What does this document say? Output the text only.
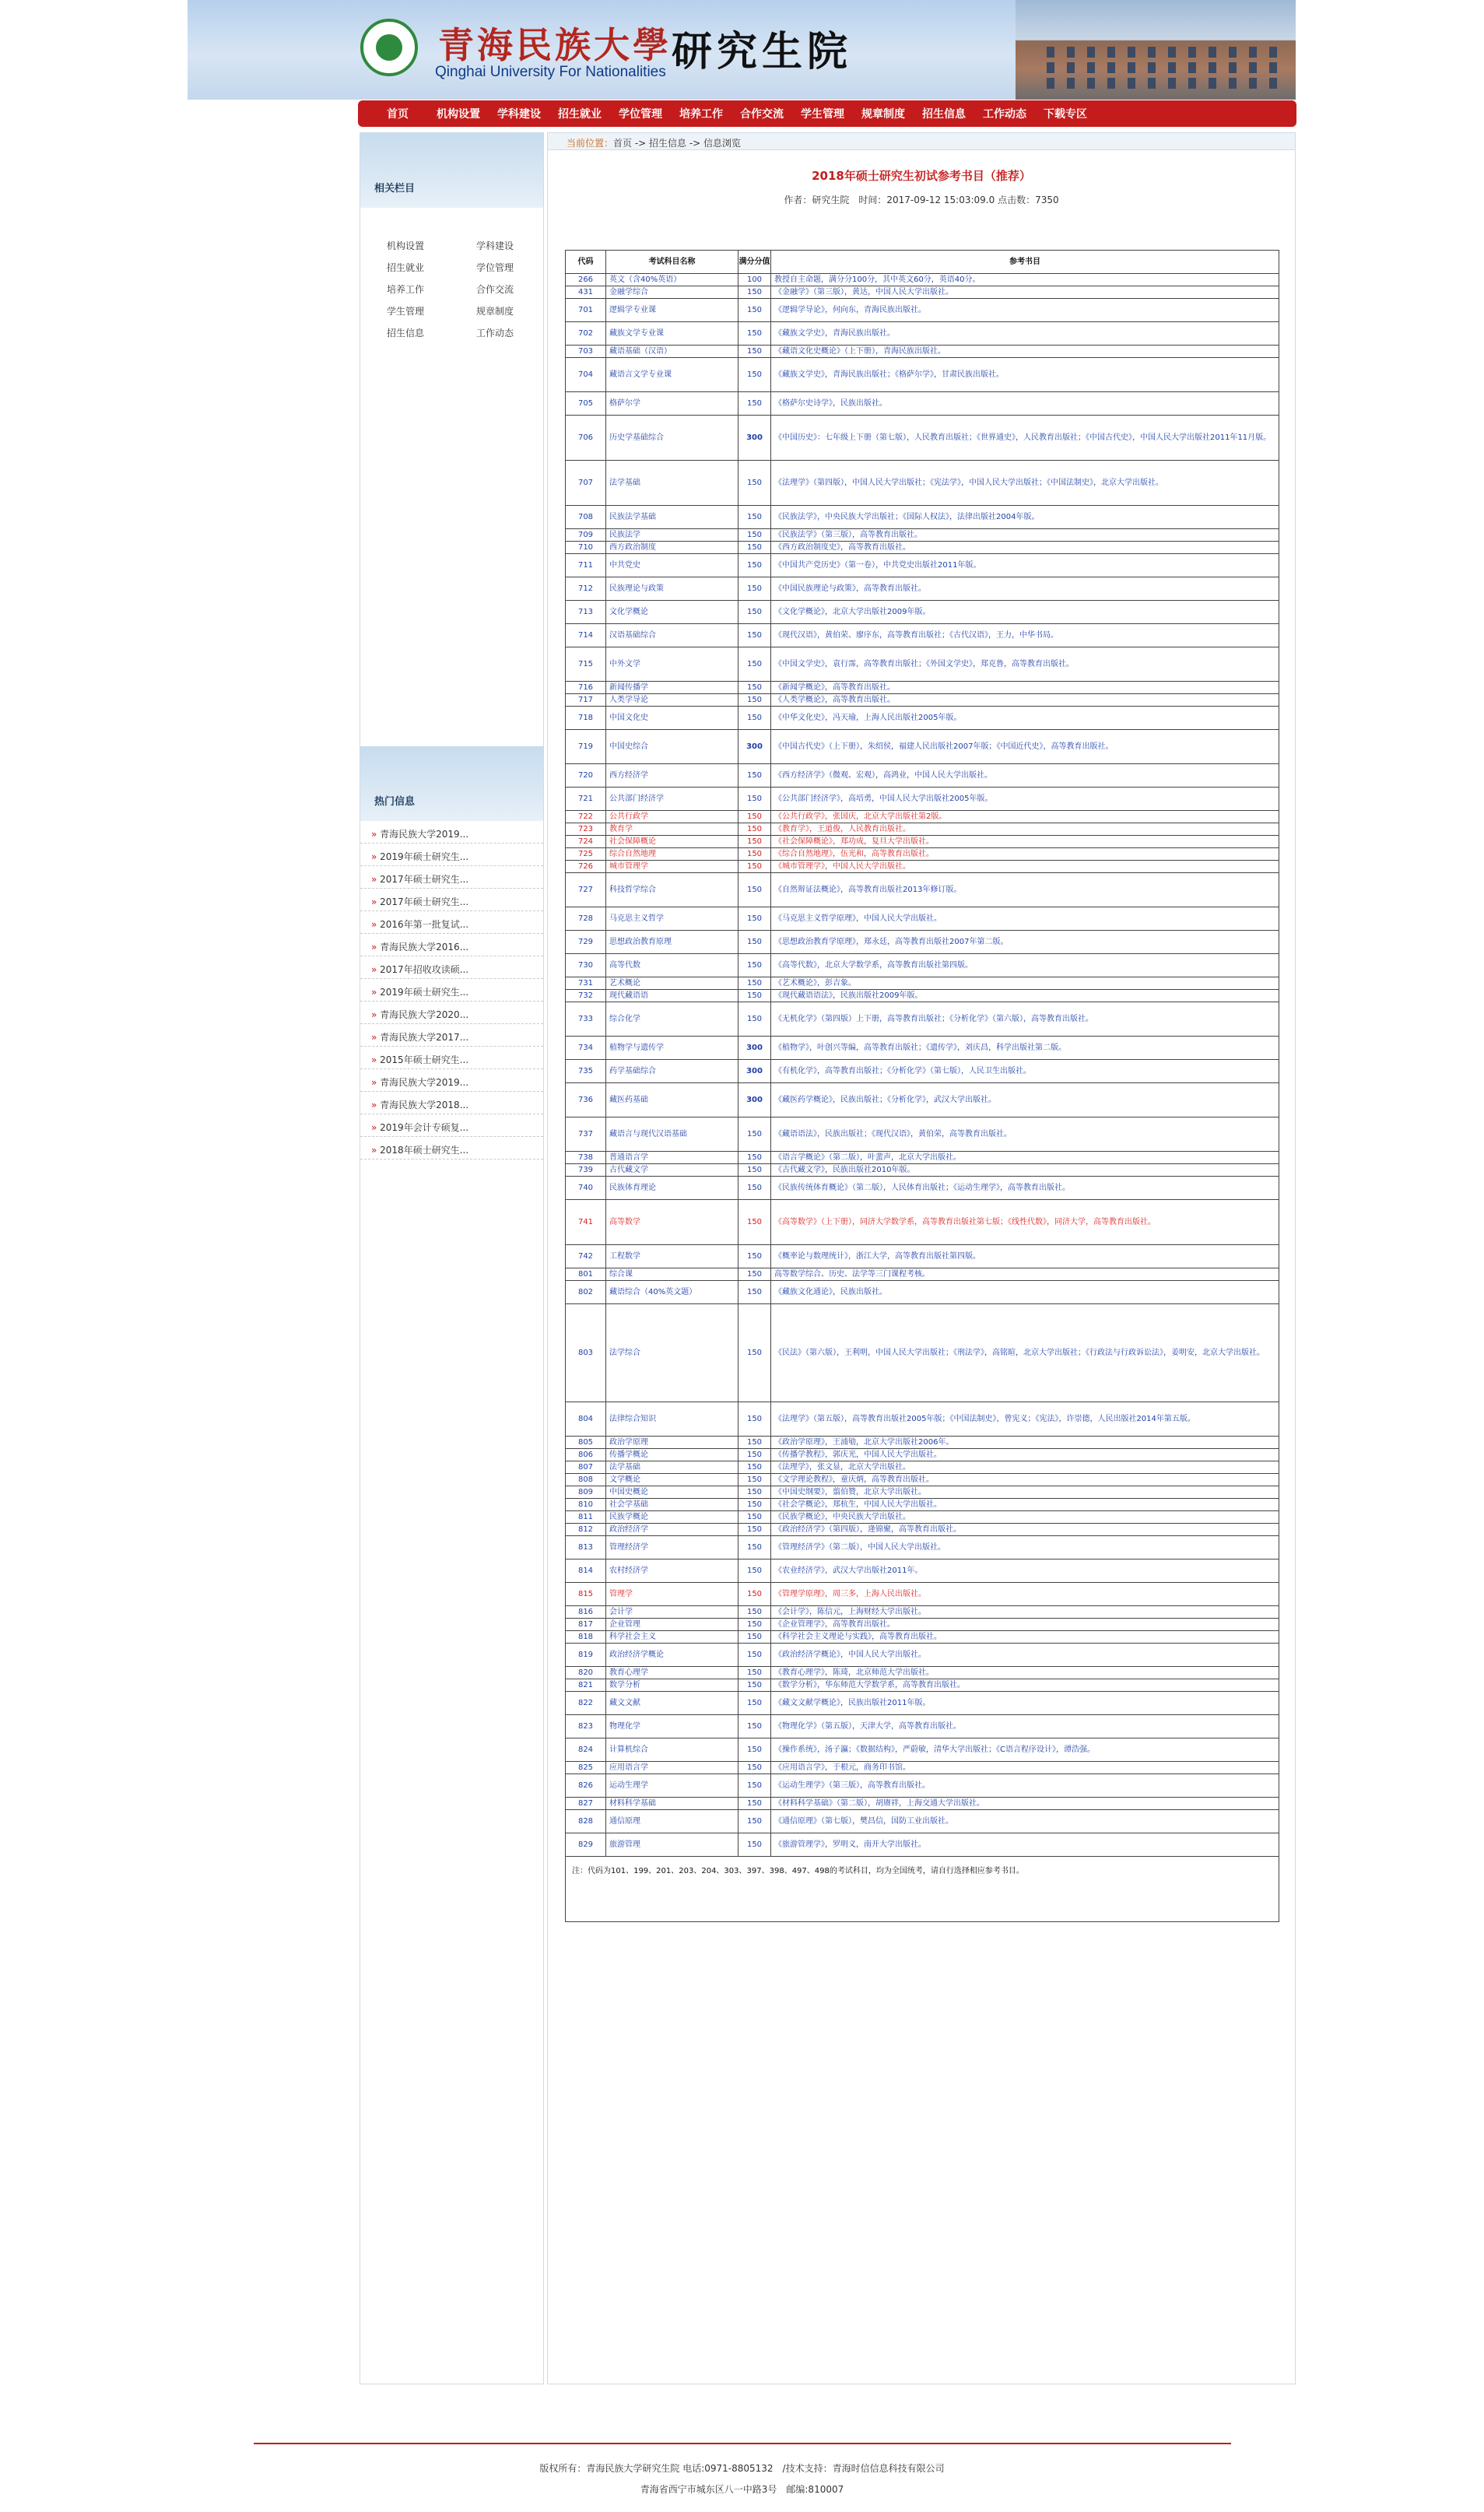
青海民族大學
Qinghai University For Nationalities 研究生院
首页	机构设置	学科建设	招生就业	学位管理	培养工作	合作交流	学生管理	规章制度	招生信息	工作动态	下载专区
相关栏目
机构设置	学科建设
招生就业	学位管理
培养工作	合作交流
学生管理	规章制度
招生信息	工作动态
热门信息
» 青海民族大学2019...
» 2019年硕士研究生...
» 2017年硕士研究生...
» 2017年硕士研究生...
» 2016年第一批复试...
» 青海民族大学2016...
» 2017年招收攻读硕...
» 2019年硕士研究生...
» 青海民族大学2020...
» 青海民族大学2017...
» 2015年硕士研究生...
» 青海民族大学2019...
» 青海民族大学2018...
» 2019年会计专硕复...
» 2018年硕士研究生...
当前位置：首页 -> 招生信息 -> 信息浏览
2018年硕士研究生初试参考书目（推荐）
作者：研究生院　时间：2017-09-12 15:03:09.0 点击数：7350
代码	考试科目名称	满分分值	参考书目
266	英文（含40%英语）	100	教授自主命题，满分分100分，其中英文60分，英语40分。
431	金融学综合	150	《金融学》（第三版），黄达，中国人民大学出版社。
701	逻辑学专业课	150	《逻辑学导论》，何向东，青海民族出版社。
702	藏族文学专业课	150	《藏族文学史》，青海民族出版社。
703	藏语基础（汉语）	150	《藏语文化史概论》（上下册），青海民族出版社。
704	藏语言文学专业课	150	《藏族文学史》，青海民族出版社；《格萨尔学》，甘肃民族出版社。
705	格萨尔学	150	《格萨尔史诗学》，民族出版社。
706	历史学基础综合	300	《中国历史》：七年级上下册（第七版），人民教育出版社；《世界通史》，人民教育出版社；《中国古代史》，中国人民大学出版社2011年11月版。
707	法学基础	150	《法理学》（第四版），中国人民大学出版社；《宪法学》，中国人民大学出版社；《中国法制史》，北京大学出版社。
708	民族法学基础	150	《民族法学》，中央民族大学出版社；《国际人权法》，法律出版社2004年版。
709	民族法学	150	《民族法学》（第三版），高等教育出版社。
710	西方政治制度	150	《西方政治制度史》，高等教育出版社。
711	中共党史	150	《中国共产党历史》（第一卷），中共党史出版社2011年版。
712	民族理论与政策	150	《中国民族理论与政策》，高等教育出版社。
713	文化学概论	150	《文化学概论》，北京大学出版社2009年版。
714	汉语基础综合	150	《现代汉语》，黄伯荣、廖序东，高等教育出版社；《古代汉语》，王力，中华书局。
715	中外文学	150	《中国文学史》，袁行霈，高等教育出版社；《外国文学史》，郑克鲁，高等教育出版社。
716	新闻传播学	150	《新闻学概论》，高等教育出版社。
717	人类学导论	150	《人类学概论》，高等教育出版社。
718	中国文化史	150	《中华文化史》，冯天瑜，上海人民出版社2005年版。
719	中国史综合	300	《中国古代史》（上下册），朱绍侯，福建人民出版社2007年版；《中国近代史》，高等教育出版社。
720	西方经济学	150	《西方经济学》（微观、宏观），高鸿业，中国人民大学出版社。
721	公共部门经济学	150	《公共部门经济学》，高培勇，中国人民大学出版社2005年版。
722	公共行政学	150	《公共行政学》，张国庆，北京大学出版社第2版。
723	教育学	150	《教育学》，王道俊，人民教育出版社。
724	社会保障概论	150	《社会保障概论》，郑功成，复旦大学出版社。
725	综合自然地理	150	《综合自然地理》，伍光和，高等教育出版社。
726	城市管理学	150	《城市管理学》，中国人民大学出版社。
727	科技哲学综合	150	《自然辩证法概论》，高等教育出版社2013年修订版。
728	马克思主义哲学	150	《马克思主义哲学原理》，中国人民大学出版社。
729	思想政治教育原理	150	《思想政治教育学原理》，郑永廷，高等教育出版社2007年第二版。
730	高等代数	150	《高等代数》，北京大学数学系，高等教育出版社第四版。
731	艺术概论	150	《艺术概论》，彭吉象。
732	现代藏语语	150	《现代藏语语法》，民族出版社2009年版。
733	综合化学	150	《无机化学》（第四版）上下册，高等教育出版社；《分析化学》（第六版），高等教育出版社。
734	植物学与遗传学	300	《植物学》，叶创兴等编，高等教育出版社；《遗传学》，刘庆昌，科学出版社第二版。
735	药学基础综合	300	《有机化学》，高等教育出版社；《分析化学》（第七版），人民卫生出版社。
736	藏医药基础	300	《藏医药学概论》，民族出版社；《分析化学》，武汉大学出版社。
737	藏语言与现代汉语基础	150	《藏语语法》，民族出版社；《现代汉语》，黄伯荣，高等教育出版社。
738	普通语言学	150	《语言学概论》（第二版），叶蜚声，北京大学出版社。
739	古代藏文学	150	《古代藏文学》，民族出版社2010年版。
740	民族体育理论	150	《民族传统体育概论》（第二版），人民体育出版社；《运动生理学》，高等教育出版社。
741	高等数学	150	《高等数学》（上下册），同济大学数学系，高等教育出版社第七版；《线性代数》，同济大学，高等教育出版社。
742	工程数学	150	《概率论与数理统计》，浙江大学，高等教育出版社第四版。
801	综合课	150	高等数学综合、历史、法学等三门课程考核。
802	藏语综合（40%英文题）	150	《藏族文化通论》，民族出版社。
803	法学综合	150	《民法》（第六版），王利明，中国人民大学出版社；《刑法学》，高铭暄，北京大学出版社；《行政法与行政诉讼法》，姜明安，北京大学出版社。
804	法律综合知识	150	《法理学》（第五版），高等教育出版社2005年版；《中国法制史》，曾宪义；《宪法》，许崇德，人民出版社2014年第五版。
805	政治学原理	150	《政治学原理》，王浦劬，北京大学出版社2006年。
806	传播学概论	150	《传播学教程》，郭庆光，中国人民大学出版社。
807	法学基础	150	《法理学》，张文显，北京大学出版社。
808	文学概论	150	《文学理论教程》，童庆炳，高等教育出版社。
809	中国史概论	150	《中国史纲要》，翦伯赞，北京大学出版社。
810	社会学基础	150	《社会学概论》，郑杭生，中国人民大学出版社。
811	民族学概论	150	《民族学概论》，中央民族大学出版社。
812	政治经济学	150	《政治经济学》（第四版），逄锦聚，高等教育出版社。
813	管理经济学	150	《管理经济学》（第二版），中国人民大学出版社。
814	农村经济学	150	《农业经济学》，武汉大学出版社2011年。
815	管理学	150	《管理学原理》，周三多，上海人民出版社。
816	会计学	150	《会计学》，陈信元，上海财经大学出版社。
817	企业管理	150	《企业管理学》，高等教育出版社。
818	科学社会主义	150	《科学社会主义理论与实践》，高等教育出版社。
819	政治经济学概论	150	《政治经济学概论》，中国人民大学出版社。
820	教育心理学	150	《教育心理学》，陈琦，北京师范大学出版社。
821	数学分析	150	《数学分析》，华东师范大学数学系，高等教育出版社。
822	藏文文献	150	《藏文文献学概论》，民族出版社2011年版。
823	物理化学	150	《物理化学》（第五版），天津大学，高等教育出版社。
824	计算机综合	150	《操作系统》，汤子瀛；《数据结构》，严蔚敏，清华大学出版社；《C语言程序设计》，谭浩强。
825	应用语言学	150	《应用语言学》，于根元，商务印书馆。
826	运动生理学	150	《运动生理学》（第三版），高等教育出版社。
827	材料科学基础	150	《材料科学基础》（第二版），胡赓祥，上海交通大学出版社。
828	通信原理	150	《通信原理》（第七版），樊昌信，国防工业出版社。
829	旅游管理	150	《旅游管理学》，罗明义，南开大学出版社。
注：代码为101、199、201、203、204、303、397、398、497、498的考试科目，均为全国统考，请自行选择相应参考书目。
版权所有：青海民族大学研究生院 电话:0971-8805132　/技术支持：青海时信信息科技有限公司
青海省西宁市城东区八一中路3号　邮编:810007
